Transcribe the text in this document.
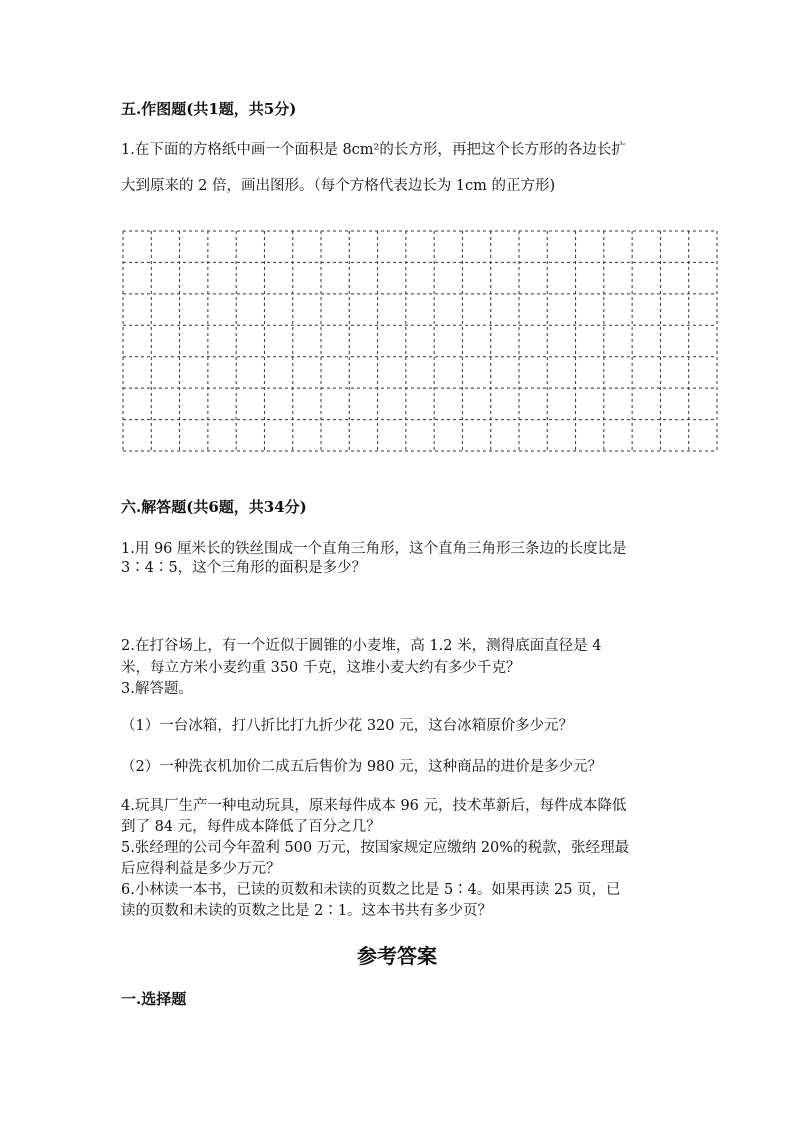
五.作图题(共1题，共5分)
1.在下面的方格纸中画一个面积是 8cm²的长方形，再把这个长方形的各边长扩
大到原来的 2 倍，画出图形。（每个方格代表边长为 1cm 的正方形)
六.解答题(共6题，共34分)
1.用 96 厘米长的铁丝围成一个直角三角形，这个直角三角形三条边的长度比是
3∶4∶5，这个三角形的面积是多少？
2.在打谷场上，有一个近似于圆锥的小麦堆，高 1.2 米，测得底面直径是 4
米，每立方米小麦约重 350 千克，这堆小麦大约有多少千克？
3.解答题。
（1）一台冰箱，打八折比打九折少花 320 元，这台冰箱原价多少元？
（2）一种洗衣机加价二成五后售价为 980 元，这种商品的进价是多少元？
4.玩具厂生产一种电动玩具，原来每件成本 96 元，技术革新后，每件成本降低
到了 84 元，每件成本降低了百分之几？
5.张经理的公司今年盈利 500 万元，按国家规定应缴纳 20%的税款，张经理最
后应得利益是多少万元？
6.小林读一本书，已读的页数和未读的页数之比是 5∶4。如果再读 25 页，已
读的页数和未读的页数之比是 2∶1。这本书共有多少页？
参考答案
一.选择题
